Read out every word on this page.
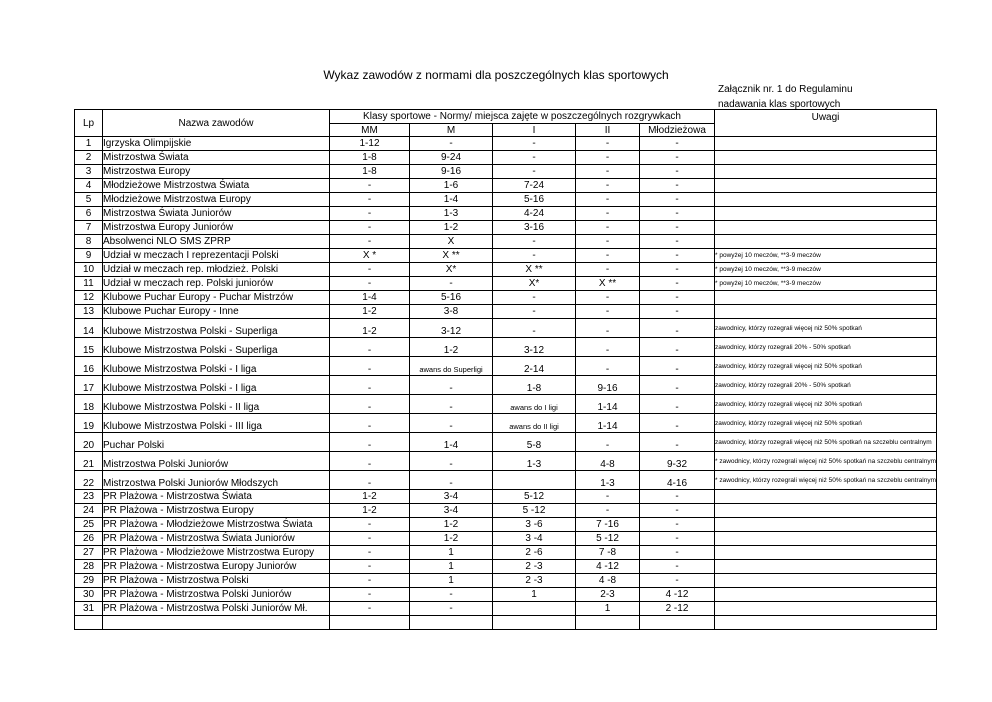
Wykaz zawodów z normami dla poszczególnych klas sportowych
Załącznik nr. 1 do Regulaminu
nadawania klas sportowych
Lp	Nazwa zawodów	Klasy sportowe - Normy/ miejsca zajęte w poszczególnych rozgrywkach					Uwagi
		MM	M	I	II	Młodzieżowa	
1	Igrzyska Olimpijskie	1-12	-	-	-	-	
2	Mistrzostwa Świata	1-8	9-24	-	-	-	
3	Mistrzostwa Europy	1-8	9-16	-	-	-	
4	Młodzieżowe Mistrzostwa Świata	-	1-6	7-24	-	-	
5	Młodzieżowe Mistrzostwa Europy	-	1-4	5-16	-	-	
6	Mistrzostwa Świata Juniorów	-	1-3	4-24	-	-	
7	Mistrzostwa Europy Juniorów	-	1-2	3-16	-	-	
8	Absolwenci NLO SMS ZPRP	-	X	-	-	-	
9	Udział w meczach I reprezentacji Polski	X *	X **	-	-	-	* powyżej 10 meczów, **3-9 meczów
10	Udział w meczach rep. młodzież. Polski	-	X*	X **	-	-	* powyżej 10 meczów, **3-9 meczów
11	Udział w meczach rep. Polski juniorów	-	-	X*	X **	-	* powyżej 10 meczów, **3-9 meczów
12	Klubowe Puchar Europy - Puchar Mistrzów	1-4	5-16	-	-	-	
13	Klubowe Puchar Europy - Inne	1-2	3-8	-	-	-	
14	Klubowe Mistrzostwa Polski - Superliga	1-2	3-12	-	-	-	zawodnicy, którzy rozegrali więcej niż 50% spotkań
15	Klubowe Mistrzostwa Polski - Superliga	-	1-2	3-12	-	-	zawodnicy, którzy rozegrali 20% - 50% spotkań
16	Klubowe Mistrzostwa Polski - I liga	-	awans do Superligi	2-14	-	-	zawodnicy, którzy rozegrali więcej niż 50% spotkań
17	Klubowe Mistrzostwa Polski - I liga	-	-	1-8	9-16	-	zawodnicy, którzy rozegrali 20% - 50% spotkań
18	Klubowe Mistrzostwa Polski - II liga	-	-	awans do I ligi	1-14	-	zawodnicy, którzy rozegrali więcej niż 30% spotkań
19	Klubowe Mistrzostwa Polski - III liga	-	-	awans do II ligi	1-14	-	zawodnicy, którzy rozegrali więcej niż 50% spotkań
20	Puchar Polski	-	1-4	5-8	-	-	zawodnicy, którzy rozegrali więcej niż 50% spotkań na szczeblu centralnym
21	Mistrzostwa Polski Juniorów	-	-	1-3	4-8	9-32	* zawodnicy, którzy rozegrali więcej niż 50% spotkań na szczeblu centralnym
22	Mistrzostwa Polski Juniorów Młodszych	-	-		1-3	4-16	* zawodnicy, którzy rozegrali więcej niż 50% spotkań na szczeblu centralnym
23	PR Plażowa - Mistrzostwa Świata	1-2	3-4	5-12	-	-	
24	PR Plażowa - Mistrzostwa Europy	1-2	3-4	5 -12	-	-	
25	PR Plażowa - Młodzieżowe Mistrzostwa Świata	-	1-2	3 -6	7 -16	-	
26	PR Plażowa - Mistrzostwa Świata Juniorów	-	1-2	3 -4	5 -12	-	
27	PR Plażowa - Młodzieżowe Mistrzostwa Europy	-	1	2 -6	7 -8	-	
28	PR Plażowa - Mistrzostwa Europy Juniorów	-	1	2 -3	4 -12	-	
29	PR Plażowa - Mistrzostwa Polski	-	1	2 -3	4 -8	-	
30	PR Plażowa - Mistrzostwa Polski Juniorów	-	-	1	2-3	4 -12	
31	PR Plażowa - Mistrzostwa Polski Juniorów Mł.	-	-		1	2 -12	
